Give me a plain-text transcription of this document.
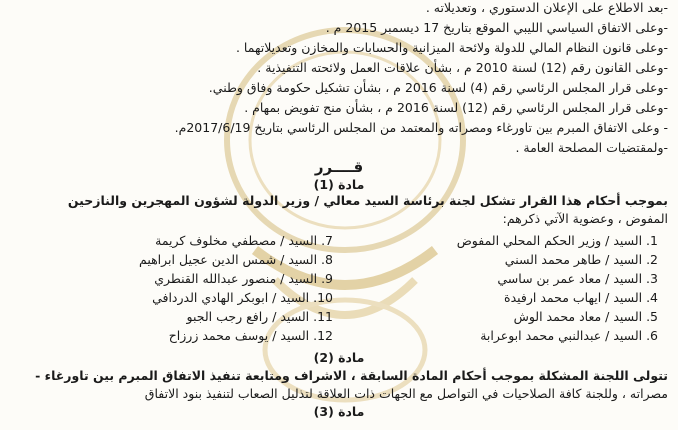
-بعد الاطلاع على الإعلان الدستوري ، وتعديلاته .
-وعلى الاتفاق السياسي الليبي الموقع بتاريخ 17 ديسمبر 2015 م .
-وعلى قانون النظام المالي للدولة ولائحة الميزانية والحسابات والمخازن وتعديلاتهما .
-وعلى القانون رقم (12) لسنة 2010 م ، بشأن علاقات العمل ولائحته التنفيذية .
-وعلى قرار المجلس الرئاسي رقم (4) لسنة 2016 م ، بشأن تشكيل حكومة وفاق وطني.
-وعلى قرار المجلس الرئاسي رقم (12) لسنة 2016 م ، بشأن منح تفويض بمهام .
- وعلى الاتفاق المبرم بين تاورغاء ومصراته والمعتمد من المجلس الرئاسي بتاريخ 2017/6/19م.
-ولمقتضيات المصلحة العامة .
قــــرر
مادة (1)
بموجب أحكام هذا القرار تشكل لجنة برئاسة السيد معالي / وزير الدولة لشؤون المهجرين والنازحين
المفوض ، وعضوية الآتي ذكرهم:
1. السيد / وزير الحكم المحلي المفوض
2. السيد / طاهر محمد السني
3. السيد / معاد عمر بن ساسي
4. السيد / ايهاب محمد ارفيدة
5. السيد / معاد محمد الوش
6. السيد / عبدالنبي محمد ابوعرابة
7. السيد / مصطفي مخلوف كريمة
8. السيد / شمس الدين عجيل ابراهيم
9. السيد / منصور عبدالله القنطري
10. السيد / ابوبكر الهادي الدردافي
11. السيد / رافع رجب الجبو
12. السيد / يوسف محمد زرزاح
مادة (2)
تتولى اللجنة المشكلة بموجب أحكام المادة السابقة ، الاشراف ومتابعة تنفيذ الاتفاق المبرم بين تاورغاء -
مصراته ، وللجنة كافة الصلاحيات في التواصل مع الجهات ذات العلاقة لتذليل الصعاب لتنفيذ بنود الاتفاق
مادة (3)
